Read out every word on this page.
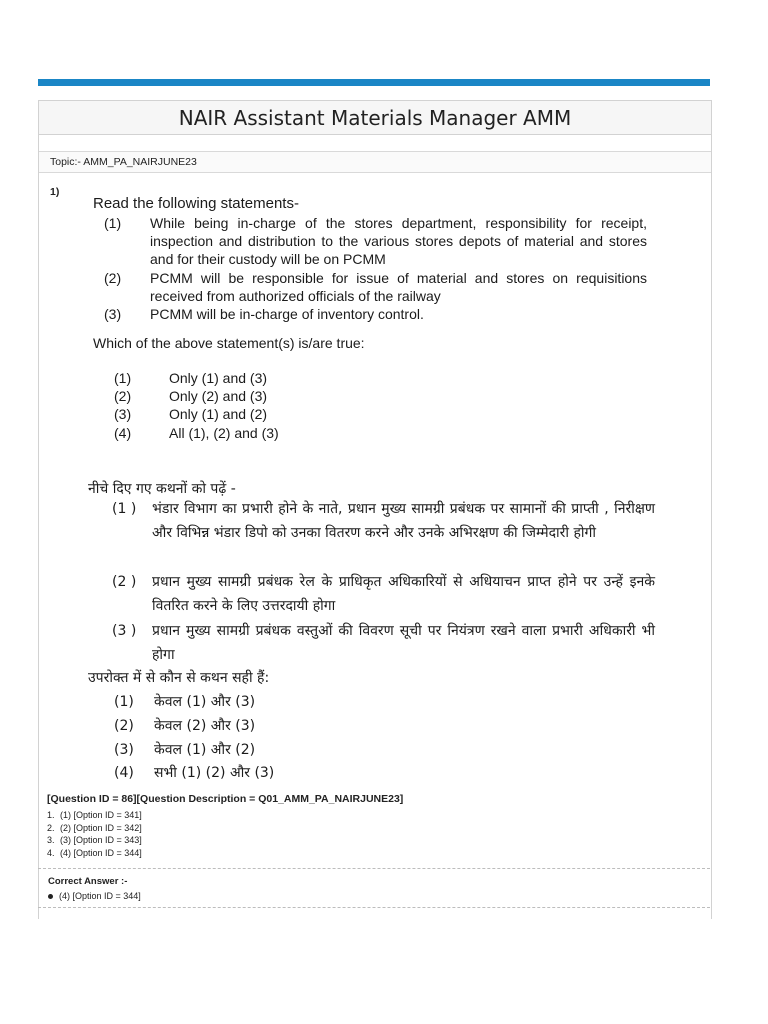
NAIR Assistant Materials Manager AMM
Topic:- AMM_PA_NAIRJUNE23
1)
Read the following statements-
(1) While being in-charge of the stores department, responsibility for receipt, inspection and distribution to the various stores depots of material and stores and for their custody will be on PCMM
(2) PCMM will be responsible for issue of material and stores on requisitions received from authorized officials of the railway
(3) PCMM will be in-charge of inventory control.
Which of the above statement(s) is/are true:
(1)	Only (1) and (3)
(2)	Only (2) and (3)
(3)	Only (1) and (2)
(4)	All (1), (2) and (3)
नीचे दिए गए कथनों को पढ़ें -
(1 ) भंडार विभाग का प्रभारी होने के नाते, प्रधान मुख्य सामग्री प्रबंधक पर सामानों की प्राप्ती , निरीक्षण और विभिन्न भंडार डिपो को उनका वितरण करने और उनके अभिरक्षण की जिम्मेदारी होगी
(2 ) प्रधान मुख्य सामग्री प्रबंधक रेल के प्राधिकृत अधिकारियों से अधियाचन प्राप्त होने पर उन्हें इनके वितरित करने के लिए उत्तरदायी होगा
(3 ) प्रधान मुख्य सामग्री प्रबंधक वस्तुओं की विवरण सूची पर नियंत्रण रखने वाला प्रभारी अधिकारी भी होगा
उपरोक्त में से कौन से कथन सही हैं:
(1) केवल (1) और (3)
(2) केवल (2) और (3)
(3) केवल (1) और (2)
(4) सभी (1) (2) और (3)
[Question ID = 86][Question Description = Q01_AMM_PA_NAIRJUNE23]
1. (1) [Option ID = 341]
2. (2) [Option ID = 342]
3. (3) [Option ID = 343]
4. (4) [Option ID = 344]
Correct Answer :-
(4) [Option ID = 344]
